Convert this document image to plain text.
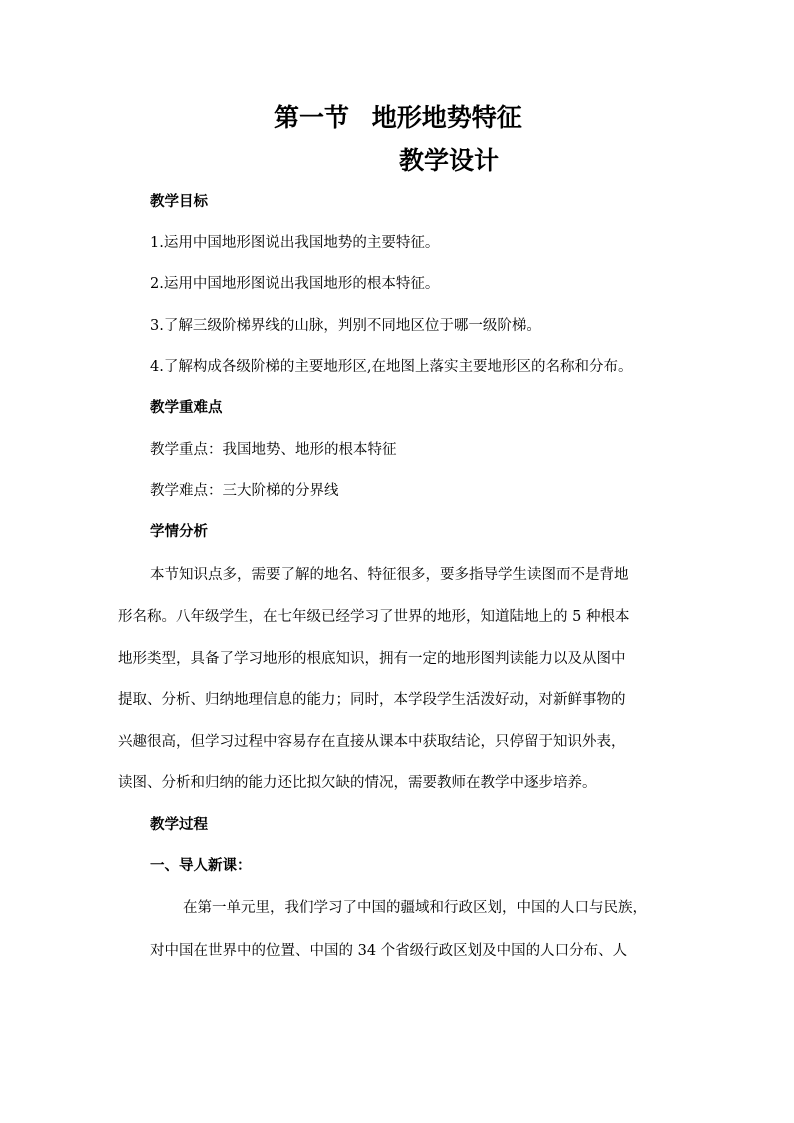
第一节 地形地势特征
教学设计

教学目标

1.运用中国地形图说出我国地势的主要特征。

2.运用中国地形图说出我国地形的根本特征。

3.了解三级阶梯界线的山脉，判别不同地区位于哪一级阶梯。

4.了解构成各级阶梯的主要地形区,在地图上落实主要地形区的名称和分布。

教学重难点

教学重点：我国地势、地形的根本特征

教学难点：三大阶梯的分界线

学情分析

本节知识点多，需要了解的地名、特征很多，要多指导学生读图而不是背地

形名称。八年级学生，在七年级已经学习了世界的地形，知道陆地上的 5 种根本

地形类型，具备了学习地形的根底知识，拥有一定的地形图判读能力以及从图中

提取、分析、归纳地理信息的能力；同时，本学段学生活泼好动，对新鲜事物的

兴趣很高，但学习过程中容易存在直接从课本中获取结论，只停留于知识外表，

读图、分析和归纳的能力还比拟欠缺的情况，需要教师在教学中逐步培养。

教学过程

一、导人新课：

在第一单元里，我们学习了中国的疆域和行政区划，中国的人口与民族，

对中国在世界中的位置、中国的 34 个省级行政区划及中国的人口分布、人
